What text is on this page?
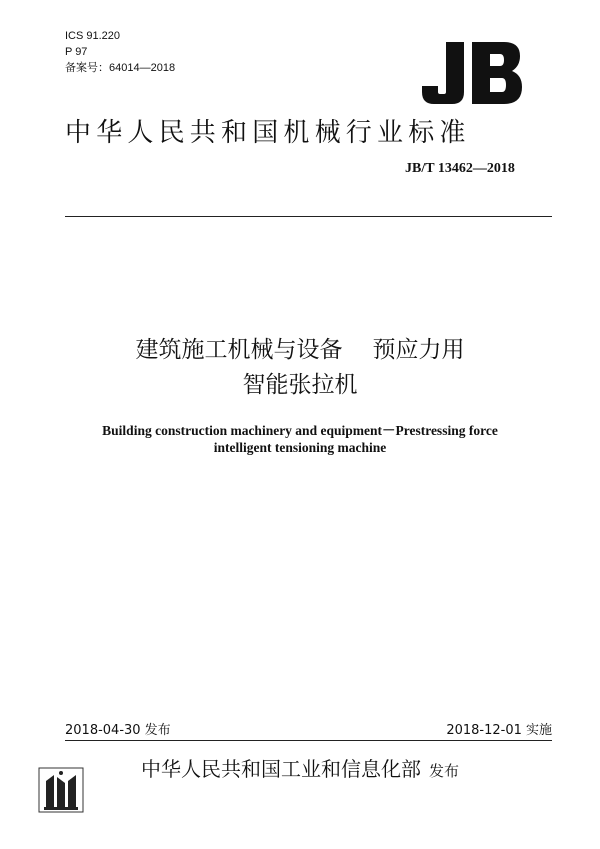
ICS 91.220
P 97
备案号：64014—2018
中华人民共和国机械行业标准
JB/T 13462—2018
建筑施工机械与设备 预应力用
智能张拉机
Building construction machinery and equipment－Prestressing force
intelligent tensioning machine
2018-04-30 发布	2018-12-01 实施
中华人民共和国工业和信息化部 发布
